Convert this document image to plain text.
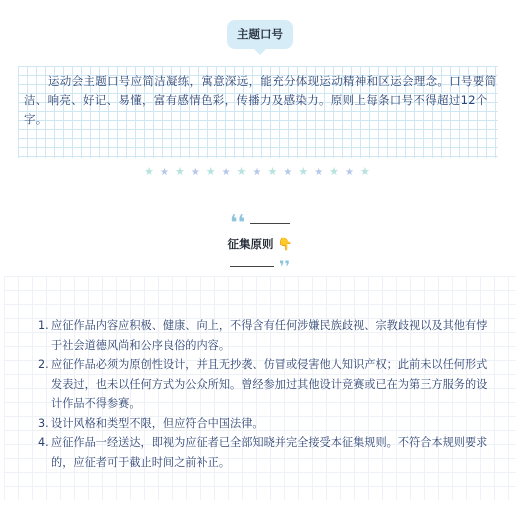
主题口号

运动会主题口号应简洁凝练，寓意深远，能充分体现运动精神和区运会理念。口号要简洁、响亮、好记、易懂，富有感情色彩，传播力及感染力。原则上每条口号不得超过12个字。

★★★★★★★★★★★★★★★
❛❛
征集原则 👇
❜❜
1. 应征作品内容应积极、健康、向上，不得含有任何涉嫌民族歧视、宗教歧视以及其他有悖于社会道德风尚和公序良俗的内容。
2. 应征作品必须为原创性设计，并且无抄袭、仿冒或侵害他人知识产权；此前未以任何形式发表过，也未以任何方式为公众所知。曾经参加过其他设计竞赛或已在为第三方服务的设计作品不得参赛。
3. 设计风格和类型不限，但应符合中国法律。
4. 应征作品一经送达，即视为应征者已全部知晓并完全接受本征集规则。不符合本规则要求的，应征者可于截止时间之前补正。
